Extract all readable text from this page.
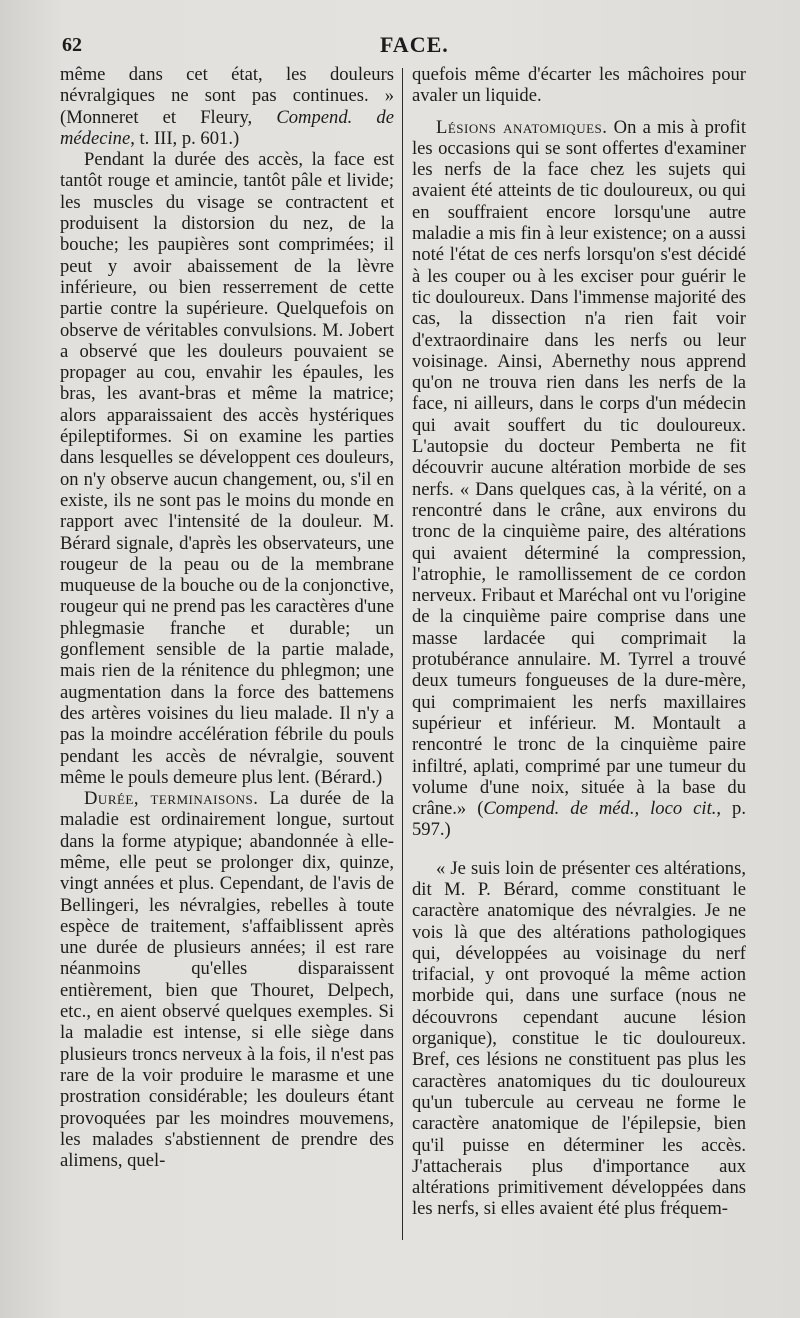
62	FACE.

même dans cet état, les douleurs névralgiques ne sont pas continues. » (Monneret et Fleury, Compend. de médecine, t. III, p. 601.)

Pendant la durée des accès, la face est tantôt rouge et amincie, tantôt pâle et livide; les muscles du visage se contractent et produisent la distorsion du nez, de la bouche; les paupières sont comprimées; il peut y avoir abaissement de la lèvre inférieure, ou bien resserrement de cette partie contre la supérieure. Quelquefois on observe de véritables convulsions. M. Jobert a observé que les douleurs pouvaient se propager au cou, envahir les épaules, les bras, les avant-bras et même la matrice; alors apparaissaient des accès hystériques épileptiformes. Si on examine les parties dans lesquelles se développent ces douleurs, on n'y observe aucun changement, ou, s'il en existe, ils ne sont pas le moins du monde en rapport avec l'intensité de la douleur. M. Bérard signale, d'après les observateurs, une rougeur de la peau ou de la membrane muqueuse de la bouche ou de la conjonctive, rougeur qui ne prend pas les caractères d'une phlegmasie franche et durable; un gonflement sensible de la partie malade, mais rien de la rénitence du phlegmon; une augmentation dans la force des battemens des artères voisines du lieu malade. Il n'y a pas la moindre accélération fébrile du pouls pendant les accès de névralgie, souvent même le pouls demeure plus lent. (Bérard.)

Durée, terminaisons. La durée de la maladie est ordinairement longue, surtout dans la forme atypique; abandonnée à elle-même, elle peut se prolonger dix, quinze, vingt années et plus. Cependant, de l'avis de Bellingeri, les névralgies, rebelles à toute espèce de traitement, s'affaiblissent après une durée de plusieurs années; il est rare néanmoins qu'elles disparaissent entièrement, bien que Thouret, Delpech, etc., en aient observé quelques exemples. Si la maladie est intense, si elle siège dans plusieurs troncs nerveux à la fois, il n'est pas rare de la voir produire le marasme et une prostration considérable; les douleurs étant provoquées par les moindres mouvemens, les malades s'abstiennent de prendre des alimens, quel-

quefois même d'écarter les mâchoires pour avaler un liquide.

Lésions anatomiques. On a mis à profit les occasions qui se sont offertes d'examiner les nerfs de la face chez les sujets qui avaient été atteints de tic douloureux, ou qui en souffraient encore lorsqu'une autre maladie a mis fin à leur existence; on a aussi noté l'état de ces nerfs lorsqu'on s'est décidé à les couper ou à les exciser pour guérir le tic douloureux. Dans l'immense majorité des cas, la dissection n'a rien fait voir d'extraordinaire dans les nerfs ou leur voisinage. Ainsi, Abernethy nous apprend qu'on ne trouva rien dans les nerfs de la face, ni ailleurs, dans le corps d'un médecin qui avait souffert du tic douloureux. L'autopsie du docteur Pemberta ne fit découvrir aucune altération morbide de ses nerfs. « Dans quelques cas, à la vérité, on a rencontré dans le crâne, aux environs du tronc de la cinquième paire, des altérations qui avaient déterminé la compression, l'atrophie, le ramollissement de ce cordon nerveux. Fribaut et Maréchal ont vu l'origine de la cinquième paire comprise dans une masse lardacée qui comprimait la protubérance annulaire. M. Tyrrel a trouvé deux tumeurs fongueuses de la dure-mère, qui comprimaient les nerfs maxillaires supérieur et inférieur. M. Montault a rencontré le tronc de la cinquième paire infiltré, aplati, comprimé par une tumeur du volume d'une noix, située à la base du crâne.» (Compend. de méd., loco cit., p. 597.)

« Je suis loin de présenter ces altérations, dit M. P. Bérard, comme constituant le caractère anatomique des névralgies. Je ne vois là que des altérations pathologiques qui, développées au voisinage du nerf trifacial, y ont provoqué la même action morbide qui, dans une surface (nous ne découvrons cependant aucune lésion organique), constitue le tic douloureux. Bref, ces lésions ne constituent pas plus les caractères anatomiques du tic douloureux qu'un tubercule au cerveau ne forme le caractère anatomique de l'épilepsie, bien qu'il puisse en déterminer les accès. J'attacherais plus d'importance aux altérations primitivement développées dans les nerfs, si elles avaient été plus fréquem-
